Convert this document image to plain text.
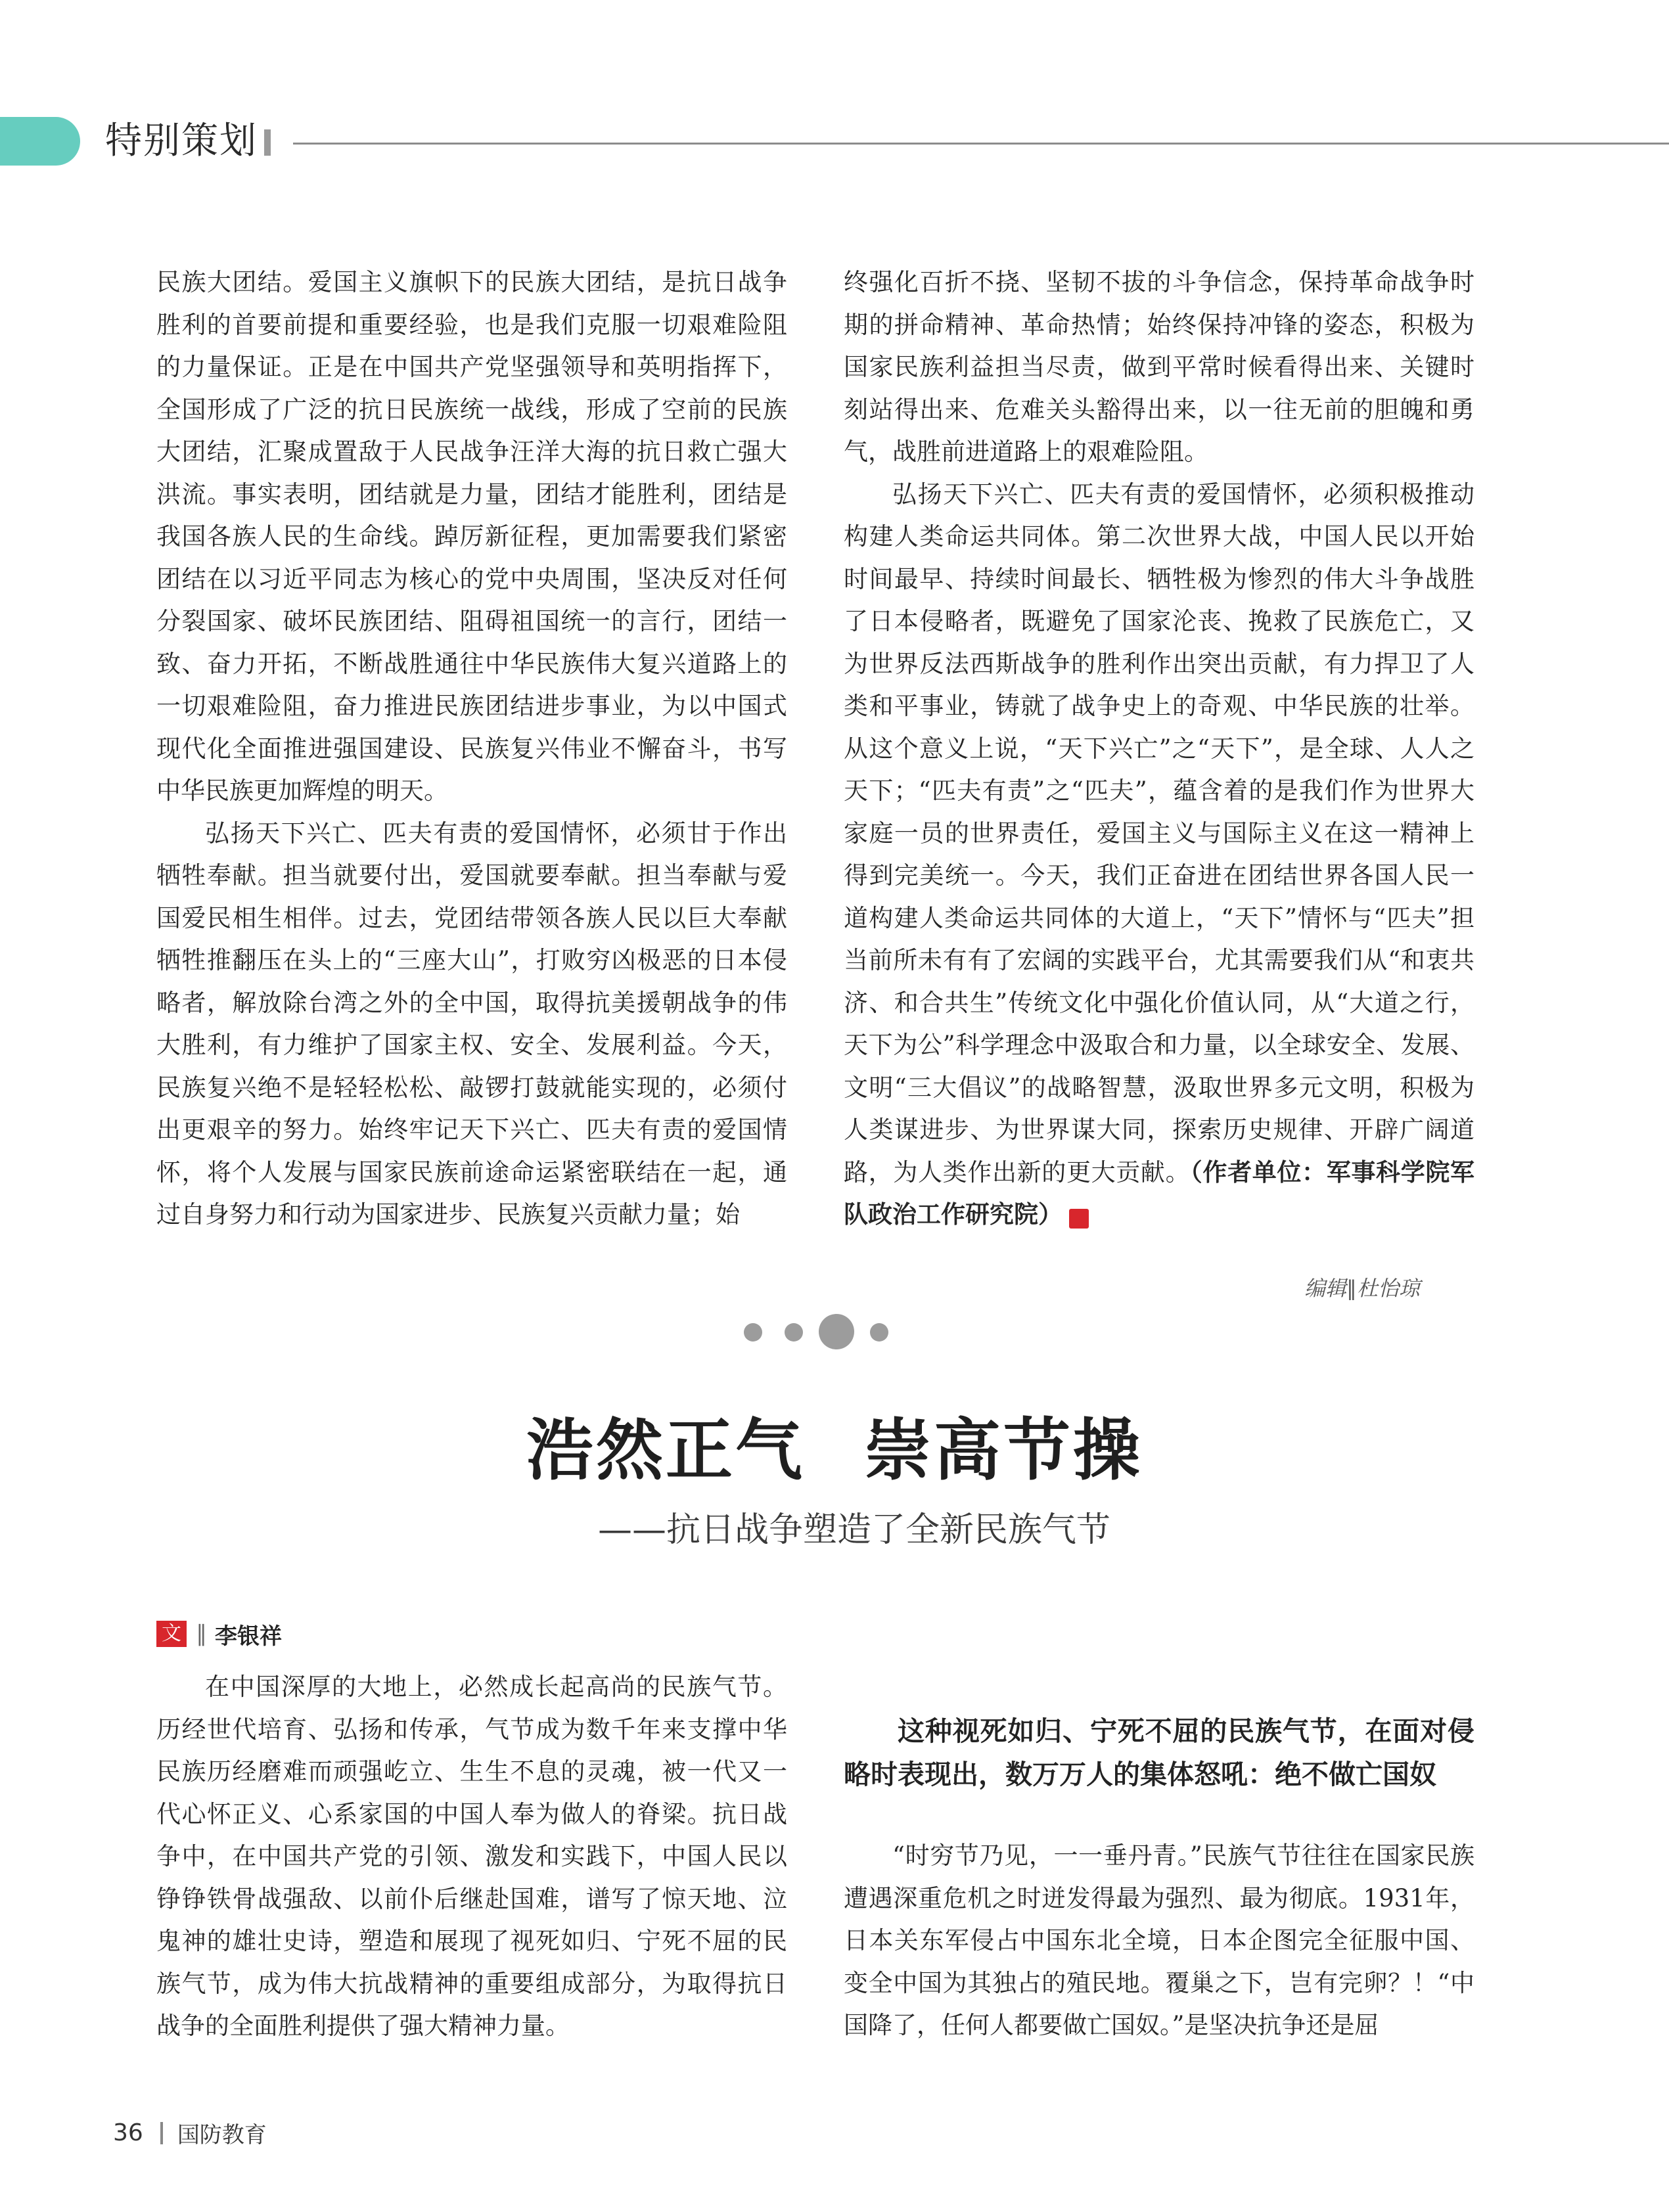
特别策划

民族大团结。爱国主义旗帜下的民族大团结，是抗日战争胜利的首要前提和重要经验，也是我们克服一切艰难险阻的力量保证。正是在中国共产党坚强领导和英明指挥下，全国形成了广泛的抗日民族统一战线，形成了空前的民族大团结，汇聚成置敌于人民战争汪洋大海的抗日救亡强大洪流。事实表明，团结就是力量，团结才能胜利，团结是我国各族人民的生命线。踔厉新征程，更加需要我们紧密团结在以习近平同志为核心的党中央周围，坚决反对任何分裂国家、破坏民族团结、阻碍祖国统一的言行，团结一致、奋力开拓，不断战胜通往中华民族伟大复兴道路上的一切艰难险阻，奋力推进民族团结进步事业，为以中国式现代化全面推进强国建设、民族复兴伟业不懈奋斗，书写中华民族更加辉煌的明天。

弘扬天下兴亡、匹夫有责的爱国情怀，必须甘于作出牺牲奉献。担当就要付出，爱国就要奉献。担当奉献与爱国爱民相生相伴。过去，党团结带领各族人民以巨大奉献牺牲推翻压在头上的“三座大山”，打败穷凶极恶的日本侵略者，解放除台湾之外的全中国，取得抗美援朝战争的伟大胜利，有力维护了国家主权、安全、发展利益。今天，民族复兴绝不是轻轻松松、敲锣打鼓就能实现的，必须付出更艰辛的努力。始终牢记天下兴亡、匹夫有责的爱国情怀，将个人发展与国家民族前途命运紧密联结在一起，通过自身努力和行动为国家进步、民族复兴贡献力量；始

终强化百折不挠、坚韧不拔的斗争信念，保持革命战争时期的拼命精神、革命热情；始终保持冲锋的姿态，积极为国家民族利益担当尽责，做到平常时候看得出来、关键时刻站得出来、危难关头豁得出来，以一往无前的胆魄和勇气，战胜前进道路上的艰难险阻。

弘扬天下兴亡、匹夫有责的爱国情怀，必须积极推动构建人类命运共同体。第二次世界大战，中国人民以开始时间最早、持续时间最长、牺牲极为惨烈的伟大斗争战胜了日本侵略者，既避免了国家沦丧、挽救了民族危亡，又为世界反法西斯战争的胜利作出突出贡献，有力捍卫了人类和平事业，铸就了战争史上的奇观、中华民族的壮举。从这个意义上说，“天下兴亡”之“天下”，是全球、人人之天下；“匹夫有责”之“匹夫”，蕴含着的是我们作为世界大家庭一员的世界责任，爱国主义与国际主义在这一精神上得到完美统一。今天，我们正奋进在团结世界各国人民一道构建人类命运共同体的大道上，“天下”情怀与“匹夫”担当前所未有有了宏阔的实践平台，尤其需要我们从“和衷共济、和合共生”传统文化中强化价值认同，从“大道之行，天下为公”科学理念中汲取合和力量，以全球安全、发展、文明“三大倡议”的战略智慧，汲取世界多元文明，积极为人类谋进步、为世界谋大同，探索历史规律、开辟广阔道路，为人类作出新的更大贡献。（作者单位：军事科学院军队政治工作研究院）	G

编辑∥杜怡琼
浩然正气 崇高节操
——抗日战争塑造了全新民族气节
文 ∥ 李银祥

在中国深厚的大地上，必然成长起高尚的民族气节。历经世代培育、弘扬和传承，气节成为数千年来支撑中华民族历经磨难而顽强屹立、生生不息的灵魂，被一代又一代心怀正义、心系家国的中国人奉为做人的脊梁。抗日战争中，在中国共产党的引领、激发和实践下，中国人民以铮铮铁骨战强敌、以前仆后继赴国难，谱写了惊天地、泣鬼神的雄壮史诗，塑造和展现了视死如归、宁死不屈的民族气节，成为伟大抗战精神的重要组成部分，为取得抗日战争的全面胜利提供了强大精神力量。

这种视死如归、宁死不屈的民族气节，在面对侵略时表现出，数万万人的集体怒吼：绝不做亡国奴

“时穷节乃见，一一垂丹青。”民族气节往往在国家民族遭遇深重危机之时迸发得最为强烈、最为彻底。1931年，日本关东军侵占中国东北全境，日本企图完全征服中国、变全中国为其独占的殖民地。覆巢之下，岂有完卵？！“中国降了，任何人都要做亡国奴。”是坚决抗争还是屈

36 国防教育
